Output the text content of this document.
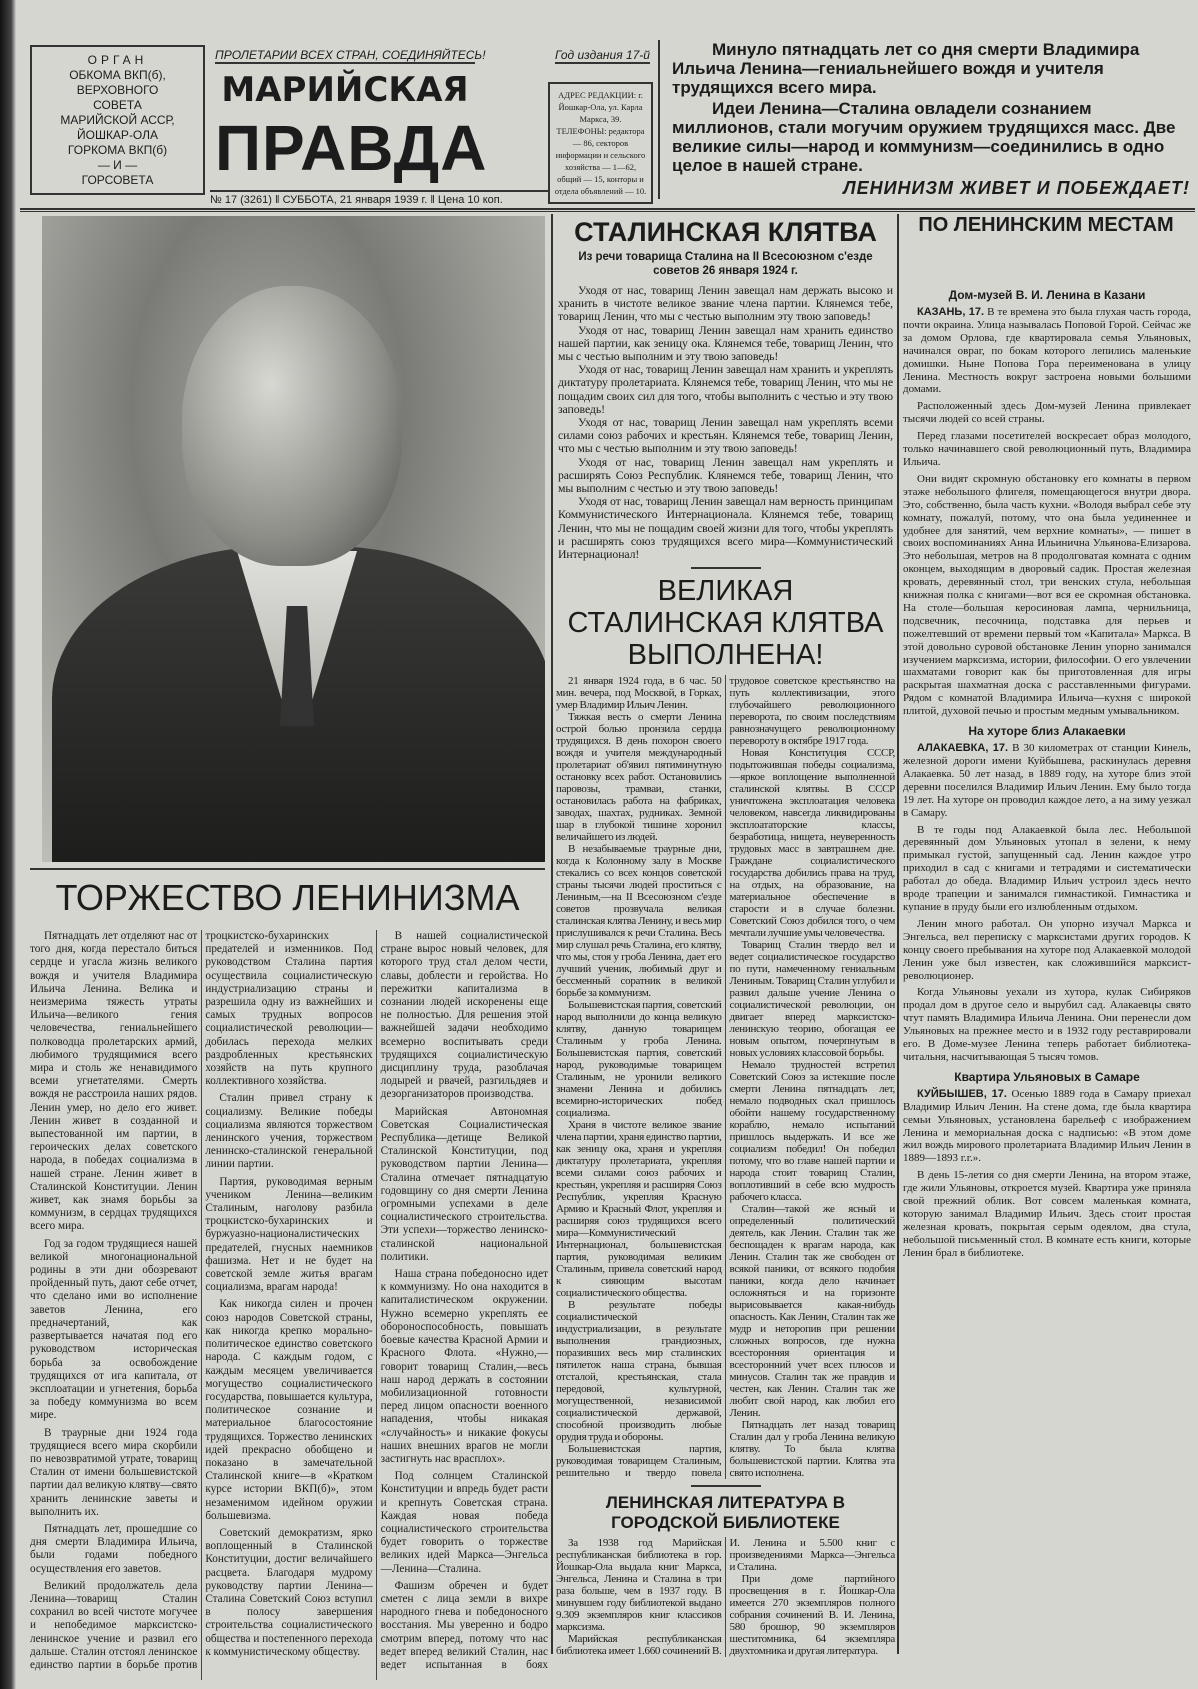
ОРГАН
ОБКОМА ВКП(б),
ВЕРХОВНОГО
СОВЕТА
МАРИЙСКОЙ АССР,
ЙОШКАР-ОЛА
ГОРКОМА ВКП(б)
— И —
ГОРСОВЕТА
ПРОЛЕТАРИИ ВСЕХ СТРАН, СОЕДИНЯЙТЕСЬ!
МАРИЙСКАЯ
ПРАВДА
№ 17 (3261) ‖ СУББОТА, 21 января 1939 г. ‖ Цена 10 коп.
Год издания 17-й
АДРЕС РЕДАКЦИИ: г. Йошкар-Ола, ул. Карла Маркса, 39. ТЕЛЕФОНЫ: редактора — 86, секторов информации и сельского хозяйства — 1—62, общий — 15, конторы и отдела объявлений — 10.

Минуло пятнадцать лет со дня смерти Владимира Ильича Ленина—гениальнейшего вождя и учителя трудящихся всего мира.

Идеи Ленина—Сталина овладели сознанием миллионов, стали могучим оружием трудящихся масс. Две великие силы—народ и коммунизм—соединились в одно целое в нашей стране.

ЛЕНИНИЗМ ЖИВЕТ И ПОБЕЖДАЕТ!

ТОРЖЕСТВО ЛЕНИНИЗМА

Пятнадцать лет отделяют нас от того дня, когда перестало биться сердце и угасла жизнь великого вождя и учителя Владимира Ильича Ленина. Велика и неизмерима тяжесть утраты Ильича—великого гения человечества, гениальнейшего полководца пролетарских армий, любимого трудящимися всего мира и столь же ненавидимого всеми угнетателями. Смерть вождя не расстроила наших рядов. Ленин умер, но дело его живет. Ленин живет в созданной и выпестованной им партии, в героических делах советского народа, в победах социализма в нашей стране. Ленин живет в Сталинской Конституции. Ленин живет, как знамя борьбы за коммунизм, в сердцах трудящихся всего мира.

Год за годом трудящиеся нашей великой многонациональной родины в эти дни обозревают пройденный путь, дают себе отчет, что сделано ими во исполнение заветов Ленина, его предначертаний, как развертывается начатая под его руководством историческая борьба за освобождение трудящихся от ига капитала, от эксплоатации и угнетения, борьба за победу коммунизма во всем мире.

В траурные дни 1924 года трудящиеся всего мира скорбили по невозвратимой утрате, товарищ Сталин от имени большевистской партии дал великую клятву—свято хранить ленинские заветы и выполнить их.

Пятнадцать лет, прошедшие со дня смерти Владимира Ильича, были годами победного осуществления его заветов.

Великий продолжатель дела Ленина—товарищ Сталин сохранил во всей чистоте могучее и непобедимое марксистско-ленинское учение и развил его дальше. Сталин отстоял ленинское единство партии в борьбе против троцкистско-бухаринских предателей и изменников. Под руководством Сталина партия осуществила социалистическую индустриализацию страны и разрешила одну из важнейших и самых трудных вопросов социалистической революции—добилась перехода мелких раздробленных крестьянских хозяйств на путь крупного коллективного хозяйства.

Сталин привел страну к социализму. Великие победы социализма являются торжеством ленинского учения, торжеством ленинско-сталинской генеральной линии партии.

Партия, руководимая верным учеником Ленина—великим Сталиным, наголову разбила троцкистско-бухаринских и буржуазно-националистических предателей, гнусных наемников фашизма. Нет и не будет на советской земле житья врагам социализма, врагам народа!

Как никогда силен и прочен союз народов Советской страны, как никогда крепко морально-политическое единство советского народа. С каждым годом, с каждым месяцем увеличивается могущество социалистического государства, повышается культура, политическое сознание и материальное благосостояние трудящихся. Торжество ленинских идей прекрасно обобщено и показано в замечательной Сталинской книге—в «Кратком курсе истории ВКП(б)», этом незаменимом идейном оружии большевизма.

Советский демократизм, ярко воплощенный в Сталинской Конституции, достиг величайшего расцвета. Благодаря мудрому руководству партии Ленина—Сталина Советский Союз вступил в полосу завершения строительства социалистического общества и постепенного перехода к коммунистическому обществу.

В нашей социалистической стране вырос новый человек, для которого труд стал делом чести, славы, доблести и геройства. Но пережитки капитализма в сознании людей искоренены еще не полностью. Для решения этой важнейшей задачи необходимо всемерно воспитывать среди трудящихся социалистическую дисциплину труда, разоблачая лодырей и рвачей, разгильдяев и дезорганизаторов производства.

Марийская Автономная Советская Социалистическая Республика—детище Великой Сталинской Конституции, под руководством партии Ленина—Сталина отмечает пятнадцатую годовщину со дня смерти Ленина огромными успехами в деле социалистического строительства. Эти успехи—торжество ленинско-сталинской национальной политики.

Наша страна победоносно идет к коммунизму. Но она находится в капиталистическом окружении. Нужно всемерно укреплять ее обороноспособность, повышать боевые качества Красной Армии и Красного Флота. «Нужно,—говорит товарищ Сталин,—весь наш народ держать в состоянии мобилизационной готовности перед лицом опасности военного нападения, чтобы никакая «случайность» и никакие фокусы наших внешних врагов не могли застигнуть нас врасплох».

Под солнцем Сталинской Конституции и впредь будет расти и крепнуть Советская страна. Каждая новая победа социалистического строительства будет говорить о торжестве великих идей Маркса—Энгельса—Ленина—Сталина.

Фашизм обречен и будет сметен с лица земли в вихре народного гнева и победоносного восстания. Мы уверенно и бодро смотрим вперед, потому что нас ведет вперед великий Сталин, нас ведет испытанная в боях

СТАЛИНСКАЯ КЛЯТВА
Из речи товарища Сталина на II Всесоюзном с'езде советов 26 января 1924 г.

Уходя от нас, товарищ Ленин завещал нам держать высоко и хранить в чистоте великое звание члена партии. Клянемся тебе, товарищ Ленин, что мы с честью выполним эту твою заповедь!

Уходя от нас, товарищ Ленин завещал нам хранить единство нашей партии, как зеницу ока. Клянемся тебе, товарищ Ленин, что мы с честью выполним и эту твою заповедь!

Уходя от нас, товарищ Ленин завещал нам хранить и укреплять диктатуру пролетариата. Клянемся тебе, товарищ Ленин, что мы не пощадим своих сил для того, чтобы выполнить с честью и эту твою заповедь!

Уходя от нас, товарищ Ленин завещал нам укреплять всеми силами союз рабочих и крестьян. Клянемся тебе, товарищ Ленин, что мы с честью выполним и эту твою заповедь!

Уходя от нас, товарищ Ленин завещал нам укреплять и расширять Союз Республик. Клянемся тебе, товарищ Ленин, что мы выполним с честью и эту твою заповедь!

Уходя от нас, товарищ Ленин завещал нам верность принципам Коммунистического Интернационала. Клянемся тебе, товарищ Ленин, что мы не пощадим своей жизни для того, чтобы укреплять и расширять союз трудящихся всего мира—Коммунистический Интернационал!

ВЕЛИКАЯ СТАЛИНСКАЯ КЛЯТВА ВЫПОЛНЕНА!

21 января 1924 года, в 6 час. 50 мин. вечера, под Москвой, в Горках, умер Владимир Ильич Ленин.

Тяжкая весть о смерти Ленина острой болью пронзила сердца трудящихся. В день похорон своего вождя и учителя международный пролетариат об'явил пятиминутную остановку всех работ. Остановились паровозы, трамваи, станки, остановилась работа на фабриках, заводах, шахтах, рудниках. Земной шар в глубокой тишине хоронил величайшего из людей.

В незабываемые траурные дни, когда к Колонному залу в Москве стекались со всех концов советской страны тысячи людей проститься с Лениным,—на II Всесоюзном с'езде советов прозвучала великая сталинская клятва Ленину, и весь мир прислушивался к речи Сталина. Весь мир слушал речь Сталина, его клятву, что мы, стоя у гроба Ленина, дает его лучший ученик, любимый друг и бессменный соратник в великой борьбе за коммунизм.

Большевистская партия, советский народ выполнили до конца великую клятву, данную товарищем Сталиным у гроба Ленина. Большевистская партия, советский народ, руководимые товарищем Сталиным, не уронили великого знамени Ленина и добились всемирно-исторических побед социализма.

Храня в чистоте великое звание члена партии, храня единство партии, как зеницу ока, храня и укрепляя диктатуру пролетариата, укрепляя всеми силами союз рабочих и крестьян, укрепляя и расширяя Союз Республик, укрепляя Красную Армию и Красный Флот, укрепляя и расширяя союз трудящихся всего мира—Коммунистический Интернационал, большевистская партия, руководимая великим Сталиным, привела советский народ к сияющим высотам социалистического общества.

В результате победы социалистической индустриализации, в результате выполнения грандиозных, поразивших весь мир сталинских пятилеток наша страна, бывшая отсталой, крестьянская, стала передовой, культурной, могущественной, независимой социалистической державой, способной производить любые орудия труда и обороны.

Большевистская партия, руководимая товарищем Сталиным, решительно и твердо повела трудовое советское крестьянство на путь коллективизации, этого глубочайшего революционного переворота, по своим последствиям равнозначущего революционному перевороту в октябре 1917 года.

Новая Конституция СССР, подытожившая победы социализма,—яркое воплощение выполненной сталинской клятвы. В СССР уничтожена эксплоатация человека человеком, навсегда ликвидированы эксплоататорские классы, безработица, нищета, неуверенность трудовых масс в завтрашнем дне. Граждане социалистического государства добились права на труд, на отдых, на образование, на материальное обеспечение в старости и в случае болезни. Советский Союз добился того, о чем мечтали лучшие умы человечества.

Товарищ Сталин твердо вел и ведет социалистическое государство по пути, намеченному гениальным Лениным. Товарищ Сталин углубил и развил дальше учение Ленина о социалистической революции, он двигает вперед марксистско-ленинскую теорию, обогащая ее новым опытом, почерпнутым в новых условиях классовой борьбы.

Немало трудностей встретил Советский Союз за истекшие после смерти Ленина пятнадцать лет, немало подводных скал пришлось обойти нашему государственному кораблю, немало испытаний пришлось выдержать. И все же социализм победил! Он победил потому, что во главе нашей партии и народа стоит товарищ Сталин, воплотивший в себе всю мудрость рабочего класса.

Сталин—такой же ясный и определенный политический деятель, как Ленин. Сталин так же беспощаден к врагам народа, как Ленин. Сталин так же свободен от всякой паники, от всякого подобия паники, когда дело начинает осложняться и на горизонте вырисовывается какая-нибудь опасность. Как Ленин, Сталин так же мудр и неторопив при решении сложных вопросов, где нужна всесторонняя ориентация и всесторонний учет всех плюсов и минусов. Сталин так же правдив и честен, как Ленин. Сталин так же любит свой народ, как любил его Ленин.

Пятнадцать лет назад товарищ Сталин дал у гроба Ленина великую клятву. То была клятва большевистской партии. Клятва эта свято исполнена.

ЛЕНИНСКАЯ ЛИТЕРАТУРА В ГОРОДСКОЙ БИБЛИОТЕКЕ

За 1938 год Марийская республиканская библиотека в гор. Йошкар-Ола выдала книг Маркса, Энгельса, Ленина и Сталина в три раза больше, чем в 1937 году. В минувшем году библиотекой выдано 9.309 экземпляров книг классиков марксизма.

Марийская республиканская библиотека имеет 1.660 сочинений В. И. Ленина и 5.500 книг с произведениями Маркса—Энгельса и Сталина.

При доме партийного просвещения в г. Йошкар-Ола имеется 270 экземпляров полного собрания сочинений В. И. Ленина, 580 брошюр, 90 экземпляров шеститомника, 64 экземпляра двухтомника и другая литература.

ПО ЛЕНИНСКИМ МЕСТАМ
Дом-музей В. И. Ленина в Казани

КАЗАНЬ, 17. В те времена это была глухая часть города, почти окраина. Улица называлась Поповой Горой. Сейчас же за домом Орлова, где квартировала семья Ульяновых, начинался овраг, по бокам которого лепились маленькие домишки. Ныне Попова Гора переименована в улицу Ленина. Местность вокруг застроена новыми большими домами.

Расположенный здесь Дом-музей Ленина привлекает тысячи людей со всей страны.

Перед глазами посетителей воскресает образ молодого, только начинавшего свой революционный путь, Владимира Ильича.

Они видят скромную обстановку его комнаты в первом этаже небольшого флигеля, помещающегося внутри двора. Это, собственно, была часть кухни. «Володя выбрал себе эту комнату, пожалуй, потому, что она была уединеннее и удобнее для занятий, чем верхние комнаты», — пишет в своих воспоминаниях Анна Ильинична Ульянова-Елизарова. Это небольшая, метров на 8 продолговатая комната с одним оконцем, выходящим в дворовый садик. Простая железная кровать, деревянный стол, три венских стула, небольшая книжная полка с книгами—вот вся ее скромная обстановка. На столе—большая керосиновая лампа, чернильница, подсвечник, песочница, подставка для перьев и пожелтевший от времени первый том «Капитала» Маркса. В этой довольно суровой обстановке Ленин упорно занимался изучением марксизма, истории, философии. О его увлечении шахматами говорит как бы приготовленная для игры раскрытая шахматная доска с расставленными фигурами. Рядом с комнатой Владимира Ильича—кухня с широкой плитой, духовой печью и простым медным умывальником.

На хуторе близ Алакаевки

АЛАКАЕВКА, 17. В 30 километрах от станции Кинель, железной дороги имени Куйбышева, раскинулась деревня Алакаевка. 50 лет назад, в 1889 году, на хуторе близ этой деревни поселился Владимир Ильич Ленин. Ему было тогда 19 лет. На хуторе он проводил каждое лето, а на зиму уезжал в Самару.

В те годы под Алакаевкой была лес. Небольшой деревянный дом Ульяновых утопал в зелени, к нему примыкал густой, запущенный сад. Ленин каждое утро приходил в сад с книгами и тетрадями и систематически работал до обеда. Владимир Ильич устроил здесь нечто вроде трапеции и занимался гимнастикой. Гимнастика и купание в пруду были его излюбленным отдыхом.

Ленин много работал. Он упорно изучал Маркса и Энгельса, вел переписку с марксистами других городов. К концу своего пребывания на хуторе под Алакаевкой молодой Ленин уже был известен, как сложившийся марксист-революционер.

Когда Ульяновы уехали из хутора, кулак Сибиряков продал дом в другое село и вырубил сад. Алакаевцы свято чтут память Владимира Ильича Ленина. Они перенесли дом Ульяновых на прежнее место и в 1932 году реставрировали его. В Доме-музее Ленина теперь работает библиотека-читальня, насчитывающая 5 тысяч томов.

Квартира Ульяновых в Самаре

КУЙБЫШЕВ, 17. Осенью 1889 года в Самару приехал Владимир Ильич Ленин. На стене дома, где была квартира семьи Ульяновых, установлена барельеф с изображением Ленина и мемориальная доска с надписью: «В этом доме жил вождь мирового пролетариата Владимир Ильич Ленин в 1889—1893 г.г.».

В день 15-летия со дня смерти Ленина, на втором этаже, где жили Ульяновы, откроется музей. Квартира уже приняла свой прежний облик. Вот совсем маленькая комната, которую занимал Владимир Ильич. Здесь стоит простая железная кровать, покрытая серым одеялом, два стула, небольшой письменный стол. В комнате есть книги, которые Ленин брал в библиотеке.
